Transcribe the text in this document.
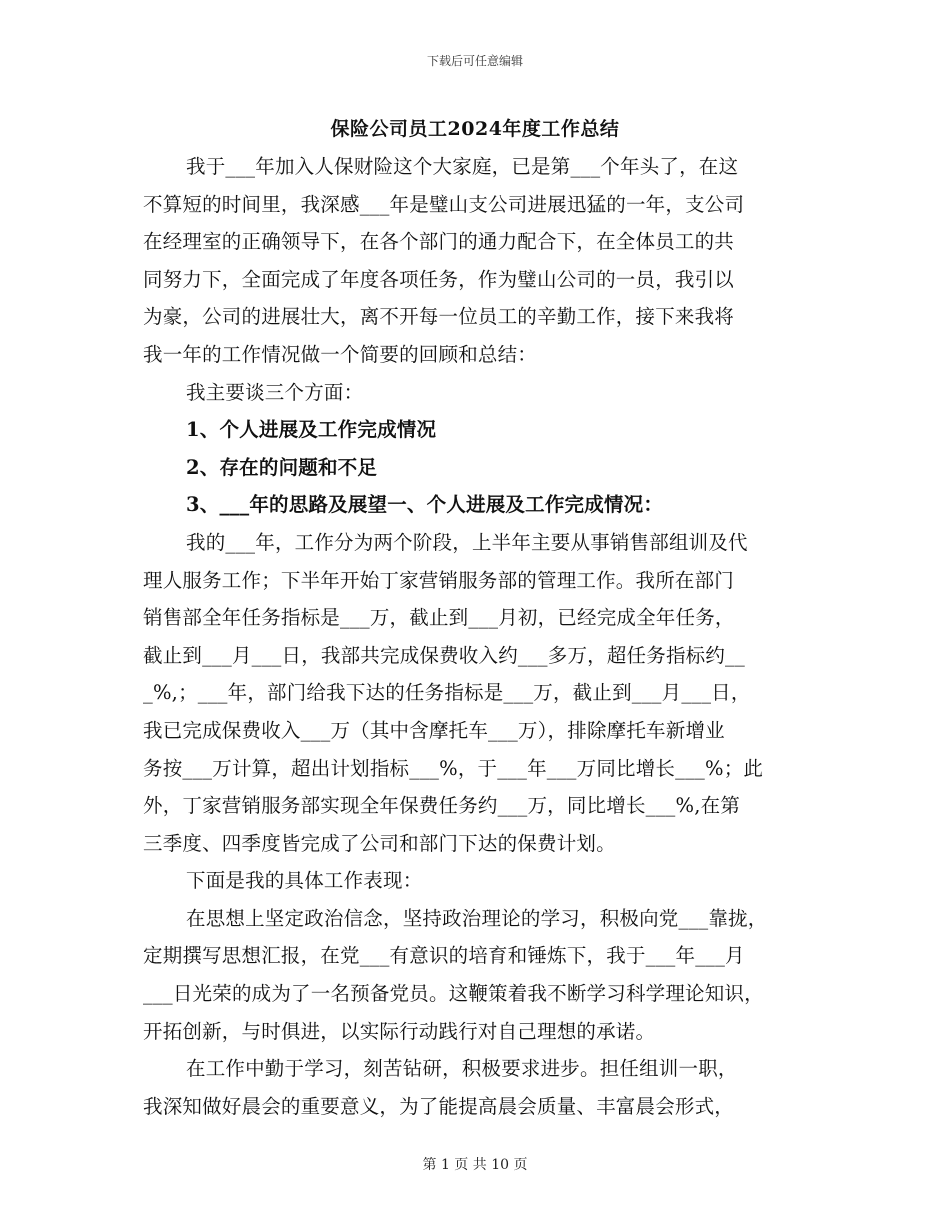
下载后可任意编辑
保险公司员工2024年度工作总结
我于___年加入人保财险这个大家庭，已是第___个年头了，在这
不算短的时间里，我深感___年是璧山支公司进展迅猛的一年，支公司
在经理室的正确领导下，在各个部门的通力配合下，在全体员工的共
同努力下，全面完成了年度各项任务，作为璧山公司的一员，我引以
为豪，公司的进展壮大，离不开每一位员工的辛勤工作，接下来我将
我一年的工作情况做一个简要的回顾和总结：
我主要谈三个方面：
1、个人进展及工作完成情况
2、存在的问题和不足
3、___年的思路及展望一、个人进展及工作完成情况：
我的___年，工作分为两个阶段，上半年主要从事销售部组训及代
理人服务工作；下半年开始丁家营销服务部的管理工作。我所在部门
销售部全年任务指标是___万，截止到___月初，已经完成全年任务，
截止到___月___日，我部共完成保费收入约___多万，超任务指标约__
_%,；___年，部门给我下达的任务指标是___万，截止到___月___日，
我已完成保费收入___万（其中含摩托车___万），排除摩托车新增业
务按___万计算，超出计划指标___%，于___年___万同比增长___%；此
外，丁家营销服务部实现全年保费任务约___万，同比增长___%,在第
三季度、四季度皆完成了公司和部门下达的保费计划。
下面是我的具体工作表现：
在思想上坚定政治信念，坚持政治理论的学习，积极向党___靠拢，
定期撰写思想汇报，在党___有意识的培育和锤炼下，我于___年___月
___日光荣的成为了一名预备党员。这鞭策着我不断学习科学理论知识，
开拓创新，与时俱进，以实际行动践行对自己理想的承诺。
在工作中勤于学习，刻苦钻研，积极要求进步。担任组训一职，
我深知做好晨会的重要意义，为了能提高晨会质量、丰富晨会形式，
第 1 页 共 10 页
